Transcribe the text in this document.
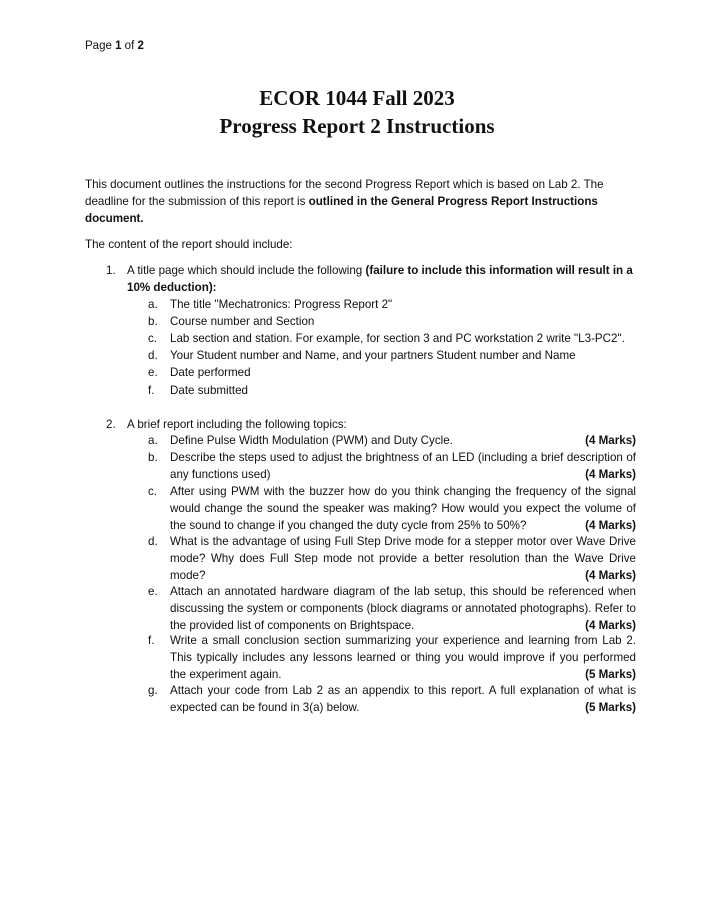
Page 1 of 2
ECOR 1044 Fall 2023
Progress Report 2 Instructions
This document outlines the instructions for the second Progress Report which is based on Lab 2. The deadline for the submission of this report is outlined in the General Progress Report Instructions document.
The content of the report should include:
1. A title page which should include the following (failure to include this information will result in a 10% deduction):
a. The title "Mechatronics: Progress Report 2"
b. Course number and Section
c. Lab section and station. For example, for section 3 and PC workstation 2 write "L3-PC2".
d. Your Student number and Name, and your partners Student number and Name
e. Date performed
f. Date submitted
2. A brief report including the following topics:
a.	(4 Marks)
Define Pulse Width Modulation (PWM) and Duty Cycle.
b. Describe the steps used to adjust the brightness of an LED (including a brief description of any functions used)	(4 Marks)
c. After using PWM with the buzzer how do you think changing the frequency of the signal would change the sound the speaker was making? How would you expect the volume of the sound to change if you changed the duty cycle from 25% to 50%?	(4 Marks)
d. What is the advantage of using Full Step Drive mode for a stepper motor over Wave Drive mode? Why does Full Step mode not provide a better resolution than the Wave Drive mode?	(4 Marks)
e. Attach an annotated hardware diagram of the lab setup, this should be referenced when discussing the system or components (block diagrams or annotated photographs). Refer to the provided list of components on Brightspace.	(4 Marks)
f. Write a small conclusion section summarizing your experience and learning from Lab 2. This typically includes any lessons learned or thing you would improve if you performed the experiment again.	(5 Marks)
g. Attach your code from Lab 2 as an appendix to this report. A full explanation of what is expected can be found in 3(a) below.	(5 Marks)
